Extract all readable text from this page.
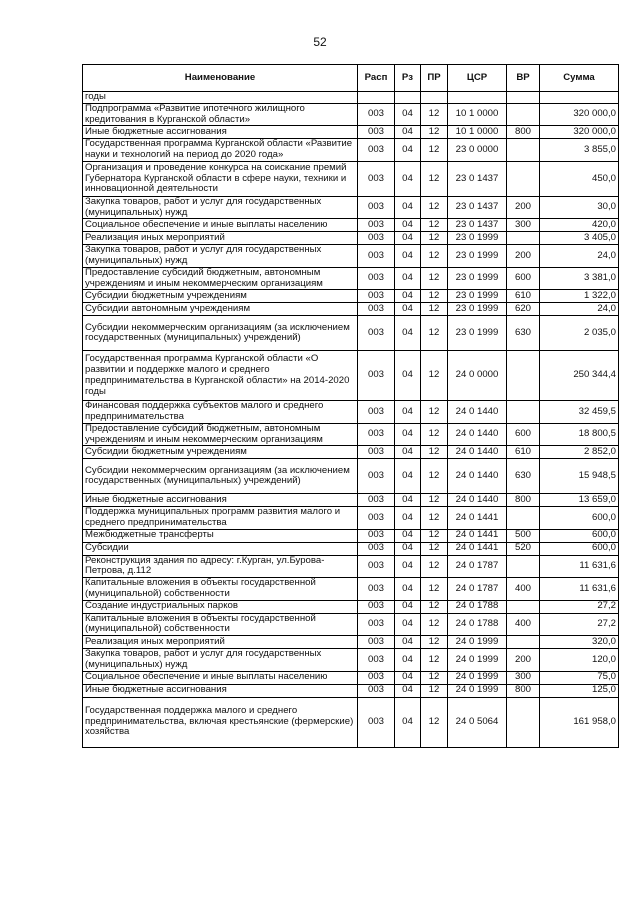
52
Наименование	Расп	Рз	ПР	ЦСР	ВР	Сумма
годы						
Подпрограмма «Развитие ипотечного жилищного кредитования в Курганской области»	003	04	12	10 1 0000		320 000,0
Иные бюджетные ассигнования	003	04	12	10 1 0000	800	320 000,0
Государственная программа Курганской области «Развитие науки и технологий на период до 2020 года»	003	04	12	23 0 0000		3 855,0
Организация и проведение конкурса на соискание премий Губернатора Курганской области в сфере науки, техники и инновационной деятельности	003	04	12	23 0 1437		450,0
Закупка товаров, работ и услуг для государственных (муниципальных) нужд	003	04	12	23 0 1437	200	30,0
Социальное обеспечение и иные выплаты населению	003	04	12	23 0 1437	300	420,0
Реализация иных мероприятий	003	04	12	23 0 1999		3 405,0
Закупка товаров, работ и услуг для государственных (муниципальных) нужд	003	04	12	23 0 1999	200	24,0
Предоставление субсидий бюджетным, автономным учреждениям и иным некоммерческим организациям	003	04	12	23 0 1999	600	3 381,0
Субсидии бюджетным учреждениям	003	04	12	23 0 1999	610	1 322,0
Субсидии автономным учреждениям	003	04	12	23 0 1999	620	24,0
Субсидии некоммерческим организациям (за исключением государственных (муниципальных) учреждений)	003	04	12	23 0 1999	630	2 035,0
Государственная программа Курганской области «О развитии и поддержке малого и среднего предпринимательства в Курганской области» на 2014-2020 годы	003	04	12	24 0 0000		250 344,4
Финансовая поддержка субъектов малого и среднего предпринимательства	003	04	12	24 0 1440		32 459,5
Предоставление субсидий бюджетным, автономным учреждениям и иным некоммерческим организациям	003	04	12	24 0 1440	600	18 800,5
Субсидии бюджетным учреждениям	003	04	12	24 0 1440	610	2 852,0
Субсидии некоммерческим организациям (за исключением государственных (муниципальных) учреждений)	003	04	12	24 0 1440	630	15 948,5
Иные бюджетные ассигнования	003	04	12	24 0 1440	800	13 659,0
Поддержка муниципальных программ развития малого и среднего предпринимательства	003	04	12	24 0 1441		600,0
Межбюджетные трансферты	003	04	12	24 0 1441	500	600,0
Субсидии	003	04	12	24 0 1441	520	600,0
Реконструкция здания по адресу: г.Курган, ул.Бурова-Петрова, д.112	003	04	12	24 0 1787		11 631,6
Капитальные вложения в объекты государственной (муниципальной) собственности	003	04	12	24 0 1787	400	11 631,6
Создание индустриальных парков	003	04	12	24 0 1788		27,2
Капитальные вложения в объекты государственной (муниципальной) собственности	003	04	12	24 0 1788	400	27,2
Реализация иных мероприятий	003	04	12	24 0 1999		320,0
Закупка товаров, работ и услуг для государственных (муниципальных) нужд	003	04	12	24 0 1999	200	120,0
Социальное обеспечение и иные выплаты населению	003	04	12	24 0 1999	300	75,0
Иные бюджетные ассигнования	003	04	12	24 0 1999	800	125,0
Государственная поддержка малого и среднего предпринимательства, включая крестьянские (фермерские) хозяйства	003	04	12	24 0 5064		161 958,0
